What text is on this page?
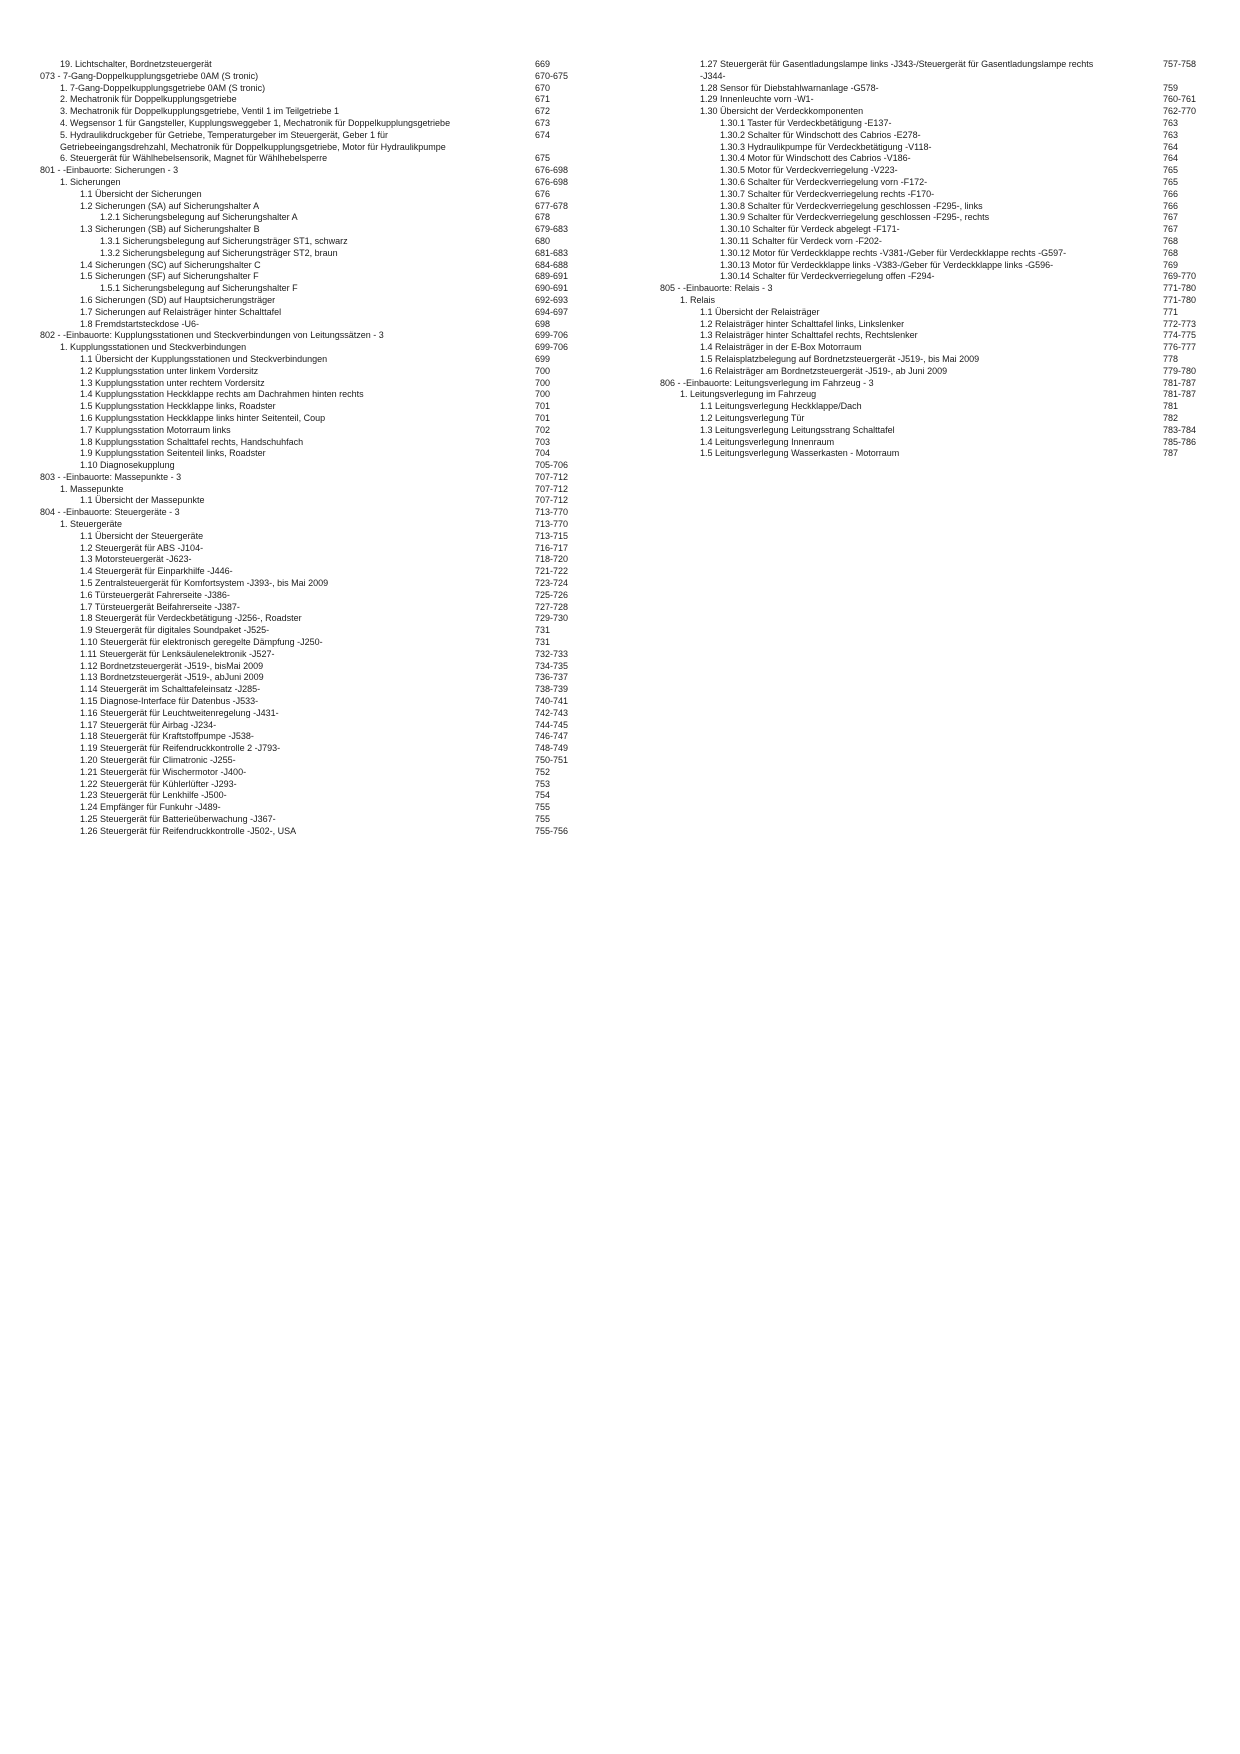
19. Lichtschalter, Bordnetzsteuergerät	669
073 - 7-Gang-Doppelkupplungsgetriebe 0AM (S tronic)	670-675
1. 7-Gang-Doppelkupplungsgetriebe 0AM (S tronic)	670
2. Mechatronik für Doppelkupplungsgetriebe	671
3. Mechatronik für Doppelkupplungsgetriebe, Ventil 1 im Teilgetriebe 1	672
4. Wegsensor 1 für Gangsteller, Kupplungsweggeber 1, Mechatronik für Doppelkupplungsgetriebe	673
5. Hydraulikdruckgeber für Getriebe, Temperaturgeber im Steuergerät, Geber 1 für	674
Getriebeeingangsdrehzahl, Mechatronik für Doppelkupplungsgetriebe, Motor für Hydraulikpumpe
6. Steuergerät für Wählhebelsensorik, Magnet für Wählhebelsperre	675
801 - -Einbauorte: Sicherungen - 3	676-698
1. Sicherungen	676-698
1.1 Übersicht der Sicherungen	676
1.2 Sicherungen (SA) auf Sicherungshalter A	677-678
1.2.1 Sicherungsbelegung auf Sicherungshalter A	678
1.3 Sicherungen (SB) auf Sicherungshalter B	679-683
1.3.1 Sicherungsbelegung auf Sicherungsträger ST1, schwarz	680
1.3.2 Sicherungsbelegung auf Sicherungsträger ST2, braun	681-683
1.4 Sicherungen (SC) auf Sicherungshalter C	684-688
1.5 Sicherungen (SF) auf Sicherungshalter F	689-691
1.5.1 Sicherungsbelegung auf Sicherungshalter F	690-691
1.6 Sicherungen (SD) auf Hauptsicherungsträger	692-693
1.7 Sicherungen auf Relaisträger hinter Schalttafel	694-697
1.8 Fremdstartsteckdose -U6-	698
802 - -Einbauorte: Kupplungsstationen und Steckverbindungen von Leitungssätzen - 3	699-706
1. Kupplungsstationen und Steckverbindungen	699-706
1.1 Übersicht der Kupplungsstationen und Steckverbindungen	699
1.2 Kupplungsstation unter linkem Vordersitz	700
1.3 Kupplungsstation unter rechtem Vordersitz	700
1.4 Kupplungsstation Heckklappe rechts am Dachrahmen hinten rechts	700
1.5 Kupplungsstation Heckklappe links, Roadster	701
1.6 Kupplungsstation Heckklappe links hinter Seitenteil, Coup	701
1.7 Kupplungsstation Motorraum links	702
1.8 Kupplungsstation Schalttafel rechts, Handschuhfach	703
1.9 Kupplungsstation Seitenteil links, Roadster	704
1.10 Diagnosekupplung	705-706
803 - -Einbauorte: Massepunkte - 3	707-712
1. Massepunkte	707-712
1.1 Übersicht der Massepunkte	707-712
804 - -Einbauorte: Steuergeräte - 3	713-770
1. Steuergeräte	713-770
1.1 Übersicht der Steuergeräte	713-715
1.2 Steuergerät für ABS -J104-	716-717
1.3 Motorsteuergerät -J623-	718-720
1.4 Steuergerät für Einparkhilfe -J446-	721-722
1.5 Zentralsteuergerät für Komfortsystem -J393-, bis Mai 2009	723-724
1.6 Türsteuergerät Fahrerseite -J386-	725-726
1.7 Türsteuergerät Beifahrerseite -J387-	727-728
1.8 Steuergerät für Verdeckbetätigung -J256-, Roadster	729-730
1.9 Steuergerät für digitales Soundpaket -J525-	731
1.10 Steuergerät für elektronisch geregelte Dämpfung -J250-	731
1.11 Steuergerät für Lenksäulenelektronik -J527-	732-733
1.12 Bordnetzsteuergerät -J519-, bisMai 2009	734-735
1.13 Bordnetzsteuergerät -J519-, abJuni 2009	736-737
1.14 Steuergerät im Schalttafeleinsatz -J285-	738-739
1.15 Diagnose-Interface für Datenbus -J533-	740-741
1.16 Steuergerät für Leuchtweitenregelung -J431-	742-743
1.17 Steuergerät für Airbag -J234-	744-745
1.18 Steuergerät für Kraftstoffpumpe -J538-	746-747
1.19 Steuergerät für Reifendruckkontrolle 2 -J793-	748-749
1.20 Steuergerät für Climatronic -J255-	750-751
1.21 Steuergerät für Wischermotor -J400-	752
1.22 Steuergerät für Kühlerlüfter -J293-	753
1.23 Steuergerät für Lenkhilfe -J500-	754
1.24 Empfänger für Funkuhr -J489-	755
1.25 Steuergerät für Batterieüberwachung -J367-	755
1.26 Steuergerät für Reifendruckkontrolle -J502-, USA	755-756
1.27 Steuergerät für Gasentladungslampe links -J343-/Steuergerät für Gasentladungslampe rechts	757-758
-J344-
1.28 Sensor für Diebstahlwarnanlage -G578-	759
1.29 Innenleuchte vorn -W1-	760-761
1.30 Übersicht der Verdeckkomponenten	762-770
1.30.1 Taster für Verdeckbetätigung -E137-	763
1.30.2 Schalter für Windschott des Cabrios -E278-	763
1.30.3 Hydraulikpumpe für Verdeckbetätigung -V118-	764
1.30.4 Motor für Windschott des Cabrios -V186-	764
1.30.5 Motor für Verdeckverriegelung -V223-	765
1.30.6 Schalter für Verdeckverriegelung vorn -F172-	765
1.30.7 Schalter für Verdeckverriegelung rechts -F170-	766
1.30.8 Schalter für Verdeckverriegelung geschlossen -F295-, links	766
1.30.9 Schalter für Verdeckverriegelung geschlossen -F295-, rechts	767
1.30.10 Schalter für Verdeck abgelegt -F171-	767
1.30.11 Schalter für Verdeck vorn -F202-	768
1.30.12 Motor für Verdeckklappe rechts -V381-/Geber für Verdeckklappe rechts -G597-	768
1.30.13 Motor für Verdeckklappe links -V383-/Geber für Verdeckklappe links -G596-	769
1.30.14 Schalter für Verdeckverriegelung offen -F294-	769-770
805 - -Einbauorte: Relais - 3	771-780
1. Relais	771-780
1.1 Übersicht der Relaisträger	771
1.2 Relaisträger hinter Schalttafel links, Linkslenker	772-773
1.3 Relaisträger hinter Schalttafel rechts, Rechtslenker	774-775
1.4 Relaisträger in der E-Box Motorraum	776-777
1.5 Relaisplatzbelegung auf Bordnetzsteuergerät -J519-, bis Mai 2009	778
1.6 Relaisträger am Bordnetzsteuergerät -J519-, ab Juni 2009	779-780
806 - -Einbauorte: Leitungsverlegung im Fahrzeug - 3	781-787
1. Leitungsverlegung im Fahrzeug	781-787
1.1 Leitungsverlegung Heckklappe/Dach	781
1.2 Leitungsverlegung Tür	782
1.3 Leitungsverlegung Leitungsstrang Schalttafel	783-784
1.4 Leitungsverlegung Innenraum	785-786
1.5 Leitungsverlegung Wasserkasten - Motorraum	787
